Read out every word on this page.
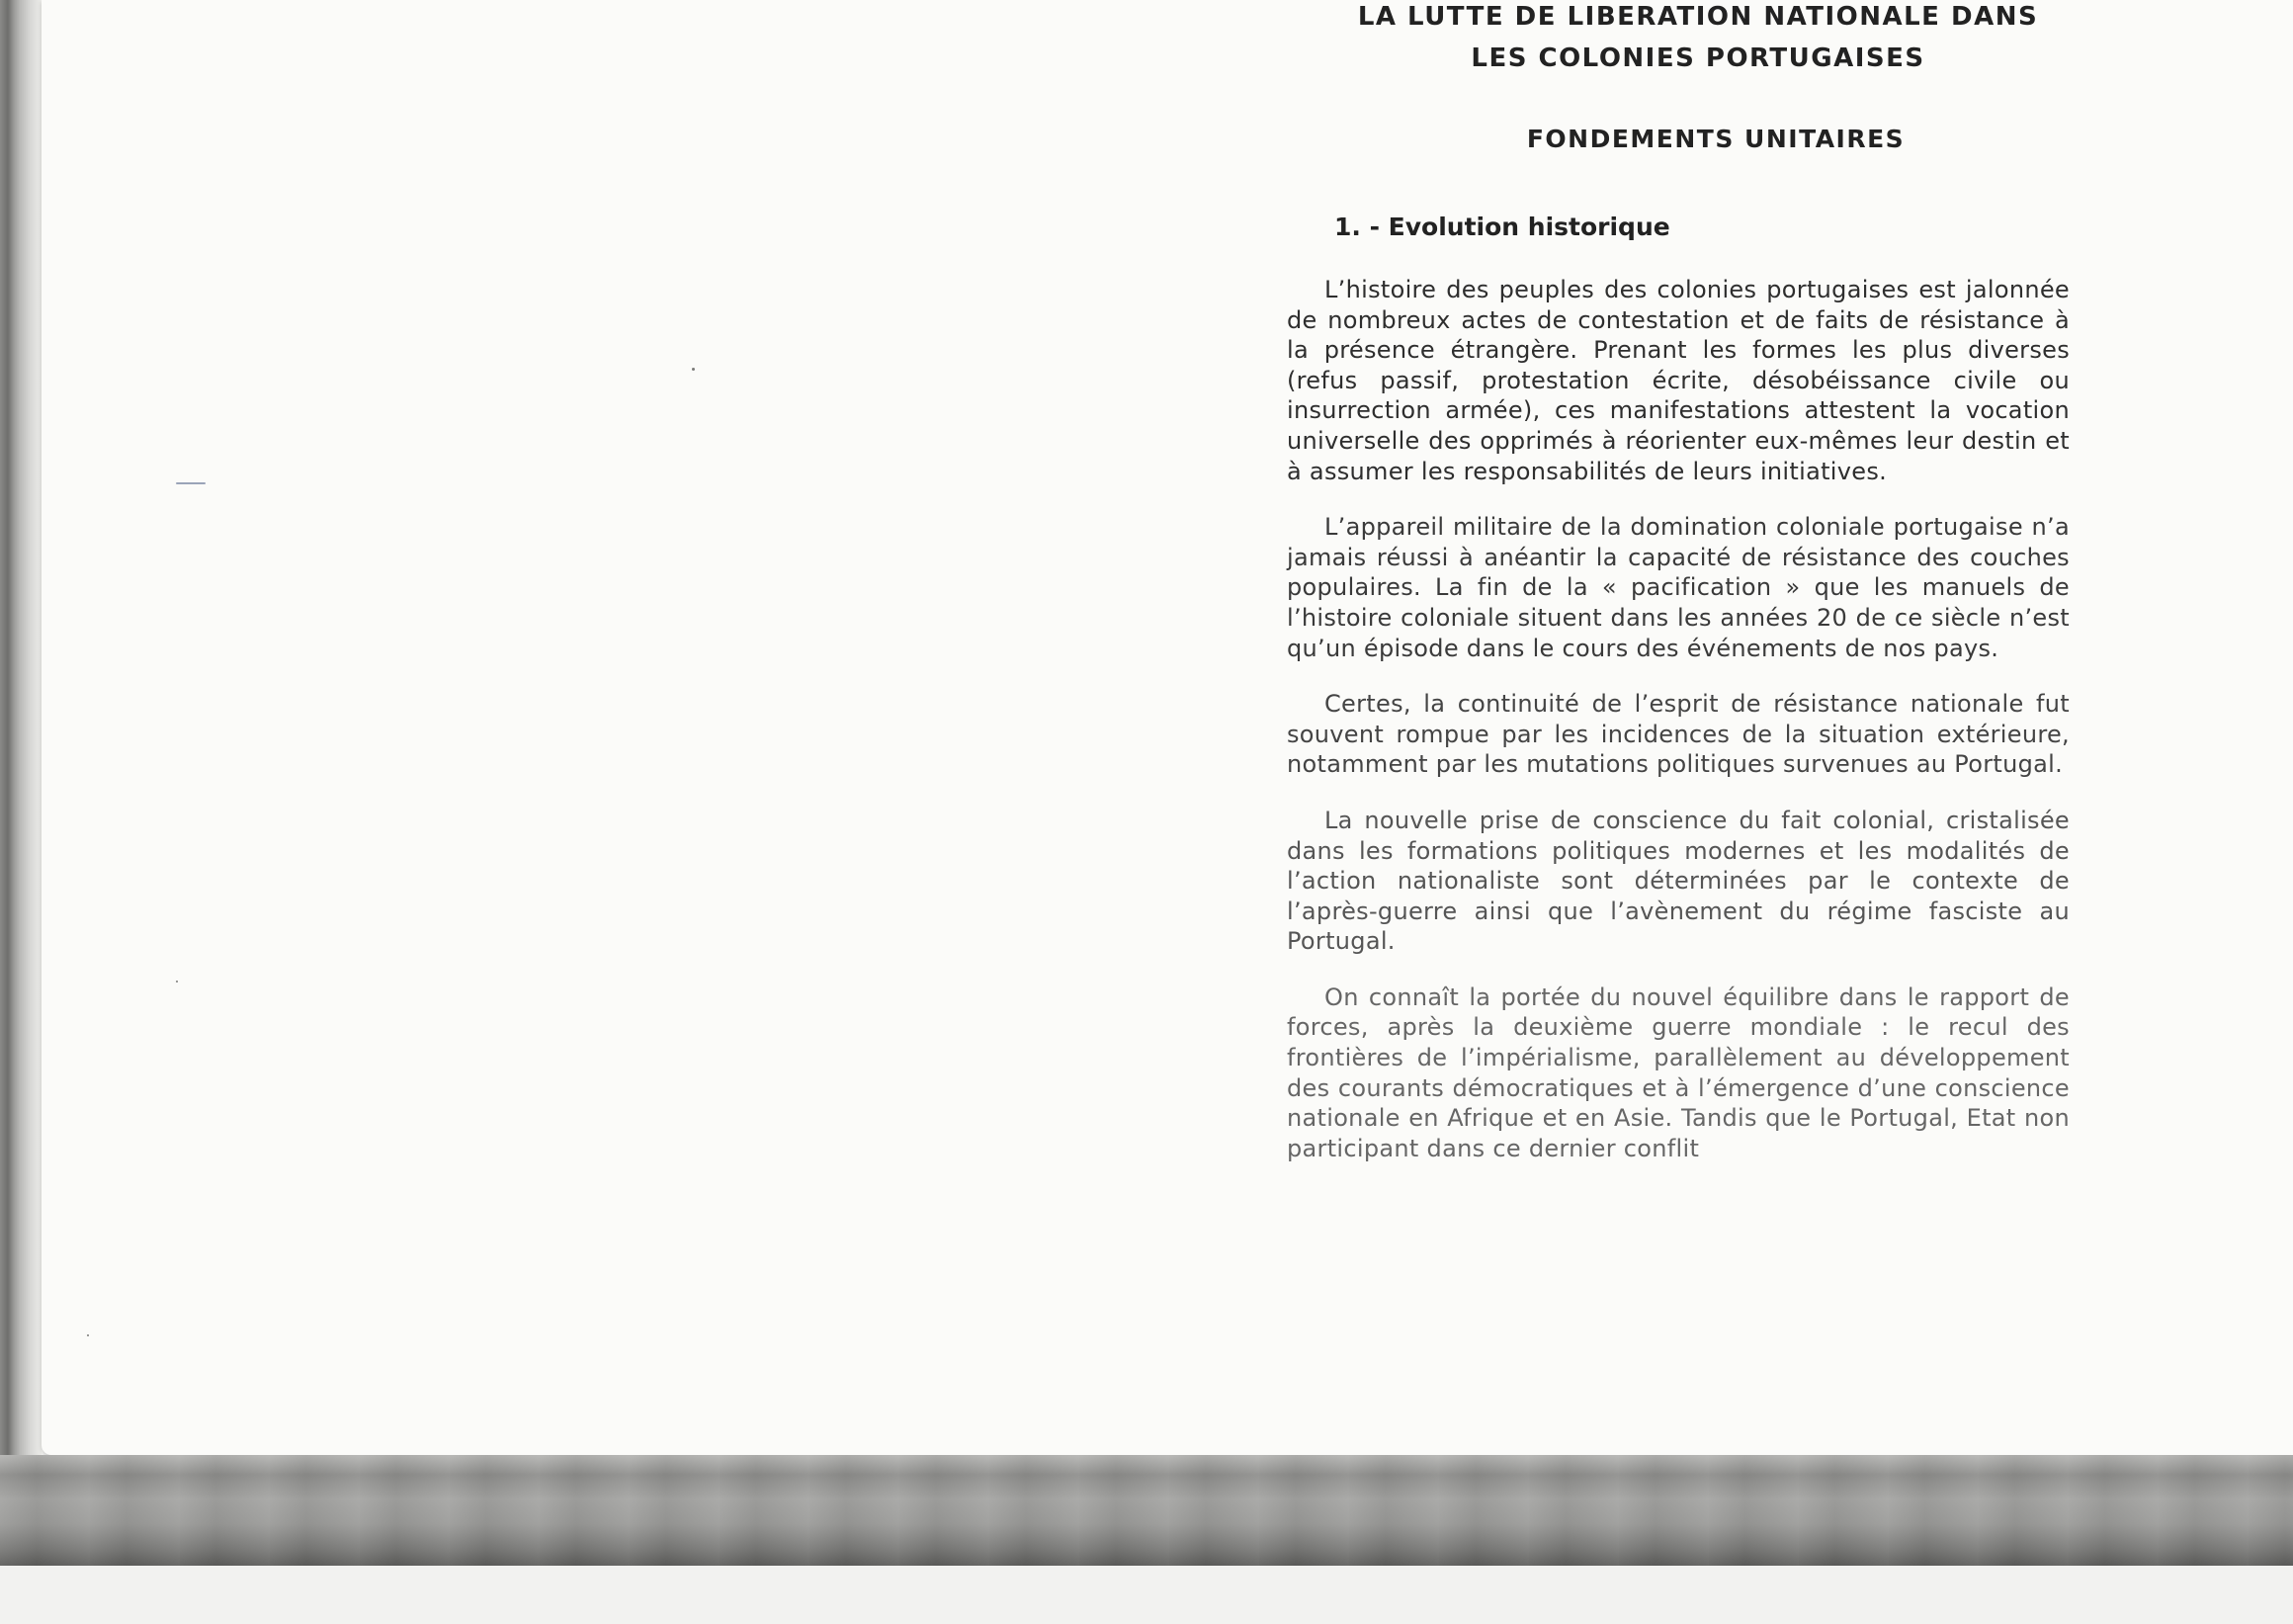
LA LUTTE DE LIBERATION NATIONALE DANS
LES COLONIES PORTUGAISES
FONDEMENTS UNITAIRES
1. - Evolution historique

L’histoire des peuples des colonies portugaises est jalonnée de nombreux actes de contestation et de faits de résistance à la présence étrangère. Prenant les formes les plus diverses (refus passif, protestation écrite, désobéissance civile ou insurrection armée), ces manifestations attestent la vocation universelle des opprimés à réorienter eux-mêmes leur destin et à assumer les responsabilités de leurs initiatives.

L’appareil militaire de la domination coloniale portugaise n’a jamais réussi à anéantir la capacité de résistance des couches populaires. La fin de la « pacification » que les manuels de l’histoire coloniale situent dans les années 20 de ce siècle n’est qu’un épisode dans le cours des événements de nos pays.

Certes, la continuité de l’esprit de résistance nationale fut souvent rompue par les incidences de la situation extérieure, notamment par les mutations politiques survenues au Portugal.

La nouvelle prise de conscience du fait colonial, cristalisée dans les formations politiques modernes et les modalités de l’action nationaliste sont déterminées par le contexte de l’après-guerre ainsi que l’avènement du régime fasciste au Portugal.

On connaît la portée du nouvel équilibre dans le rapport de forces, après la deuxième guerre mondiale : le recul des frontières de l’impérialisme, parallèlement au développement des courants démocratiques et à l’émergence d’une conscience nationale en Afrique et en Asie. Tandis que le Portugal, Etat non participant dans ce dernier conflit
